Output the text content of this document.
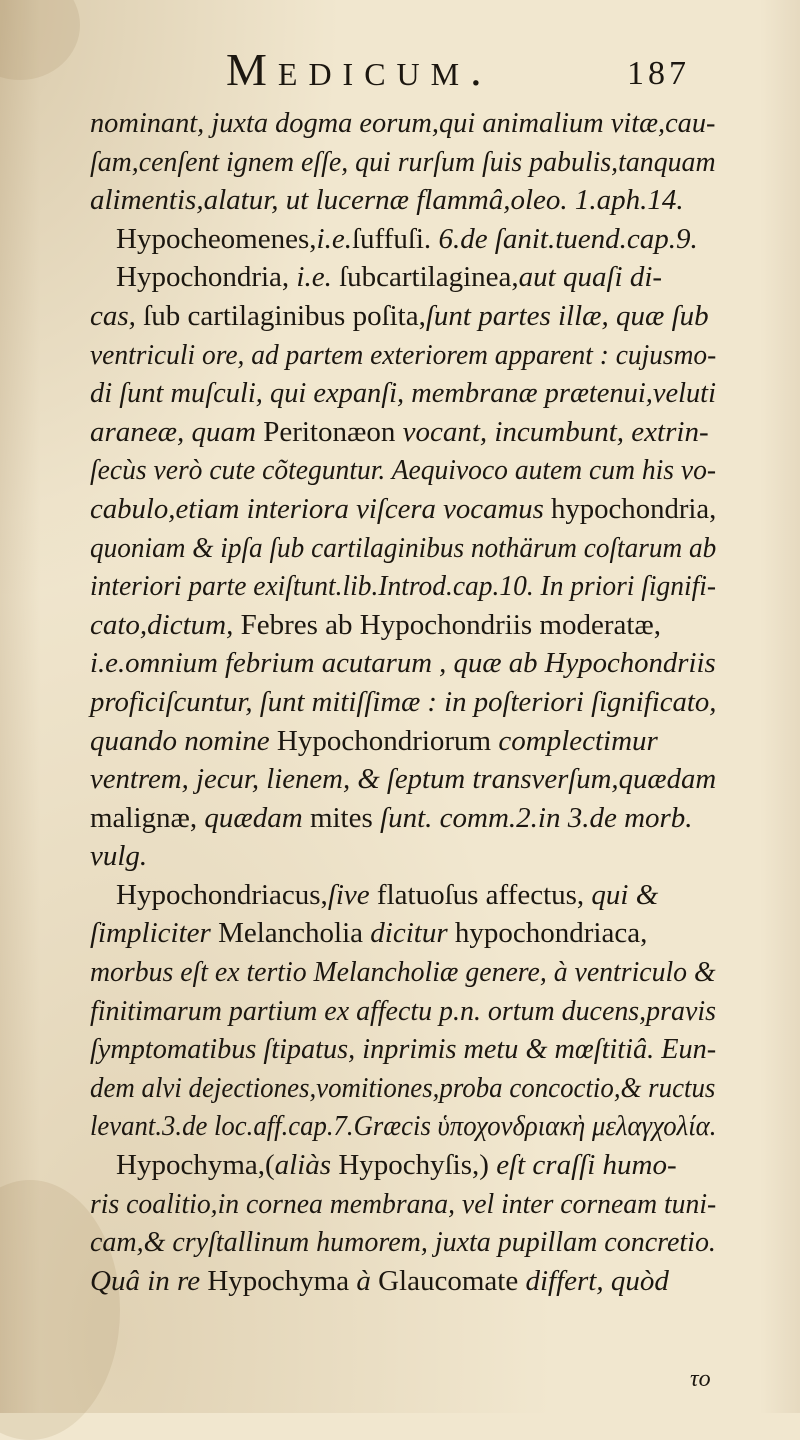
Medicum.	187
nominant, juxta dogma eorum,qui animalium vitæ,cau-
ſam,cenſent ignem eſſe, qui rurſum ſuis pabulis,tanquam
alimentis,alatur, ut lucernæ flammâ,oleo. 1.aph.14.
Hypocheomenes,i.e.ſuffuſi. 6.de ſanit.tuend.cap.9.
Hypochondria, i.e. ſubcartilaginea,aut quaſi di-
cas, ſub cartilaginibus poſita,ſunt partes illæ, quæ ſub
ventriculi ore, ad partem exteriorem apparent : cujusmo-
di ſunt muſculi, qui expanſi, membranæ prætenui,veluti
araneæ, quam Peritonæon vocant, incumbunt, extrin-
ſecùs verò cute cõteguntur. Aequivoco autem cum his vo-
cabulo,etiam interiora viſcera vocamus hypochondria,
quoniam & ipſa ſub cartilaginibus nothärum coſtarum ab
interiori parte exiſtunt.lib.Introd.cap.10. In priori ſignifi-
cato,dictum, Febres ab Hypochondriis moderatæ,
i.e.omnium febrium acutarum , quæ ab Hypochondriis
proficiſcuntur, ſunt mitiſſimæ : in poſteriori ſignificato,
quando nomine Hypochondriorum complectimur
ventrem, jecur, lienem, & ſeptum transverſum,quædam
malignæ, quædam mites ſunt. comm.2.in 3.de morb.
vulg.
Hypochondriacus,ſive flatuoſus affectus, qui &
ſimpliciter Melancholia dicitur hypochondriaca,
morbus eſt ex tertio Melancholiæ genere, à ventriculo &
finitimarum partium ex affectu p.n. ortum ducens,pravis
ſymptomatibus ſtipatus, inprimis metu & mœſtitiâ. Eun-
dem alvi dejectiones,vomitiones,proba concoctio,& ructus
levant.3.de loc.aff.cap.7.Græcis ὑποχονδριακὴ μελαγχολία.
Hypochyma,(aliàs Hypochyſis,) eſt craſſi humo-
ris coalitio,in cornea membrana, vel inter corneam tuni-
cam,& cryſtallinum humorem, juxta pupillam concretio.
Quâ in re Hypochyma à Glaucomate differt, quòd
το
